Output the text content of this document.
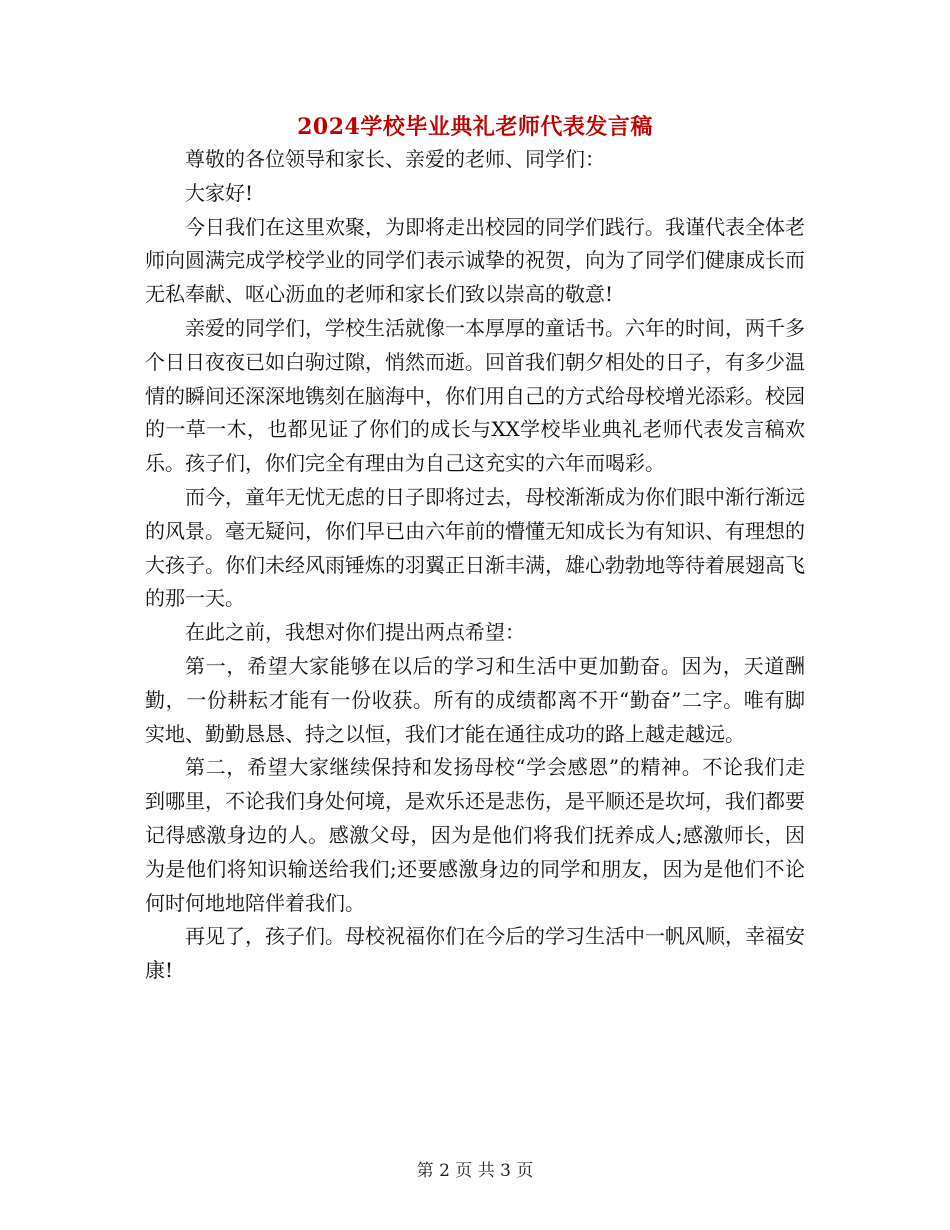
2024学校毕业典礼老师代表发言稿

尊敬的各位领导和家长、亲爱的老师、同学们：

大家好!

今日我们在这里欢聚，为即将走出校园的同学们践行。我谨代表全体老师向圆满完成学校学业的同学们表示诚挚的祝贺，向为了同学们健康成长而无私奉献、呕心沥血的老师和家长们致以崇高的敬意!

亲爱的同学们，学校生活就像一本厚厚的童话书。六年的时间，两千多个日日夜夜已如白驹过隙，悄然而逝。回首我们朝夕相处的日子，有多少温情的瞬间还深深地镌刻在脑海中，你们用自己的方式给母校增光添彩。校园的一草一木，也都见证了你们的成长与XX学校毕业典礼老师代表发言稿欢乐。孩子们，你们完全有理由为自己这充实的六年而喝彩。

而今，童年无忧无虑的日子即将过去，母校渐渐成为你们眼中渐行渐远的风景。毫无疑问，你们早已由六年前的懵懂无知成长为有知识、有理想的大孩子。你们未经风雨锤炼的羽翼正日渐丰满，雄心勃勃地等待着展翅高飞的那一天。

在此之前，我想对你们提出两点希望：

第一，希望大家能够在以后的学习和生活中更加勤奋。因为，天道酬勤，一份耕耘才能有一份收获。所有的成绩都离不开“勤奋”二字。唯有脚实地、勤勤恳恳、持之以恒，我们才能在通往成功的路上越走越远。

第二，希望大家继续保持和发扬母校“学会感恩”的精神。不论我们走到哪里，不论我们身处何境，是欢乐还是悲伤，是平顺还是坎坷，我们都要记得感激身边的人。感激父母，因为是他们将我们抚养成人;感激师长，因为是他们将知识输送给我们;还要感激身边的同学和朋友，因为是他们不论何时何地地陪伴着我们。

再见了，孩子们。母校祝福你们在今后的学习生活中一帆风顺，幸福安康!

第 2 页 共 3 页
